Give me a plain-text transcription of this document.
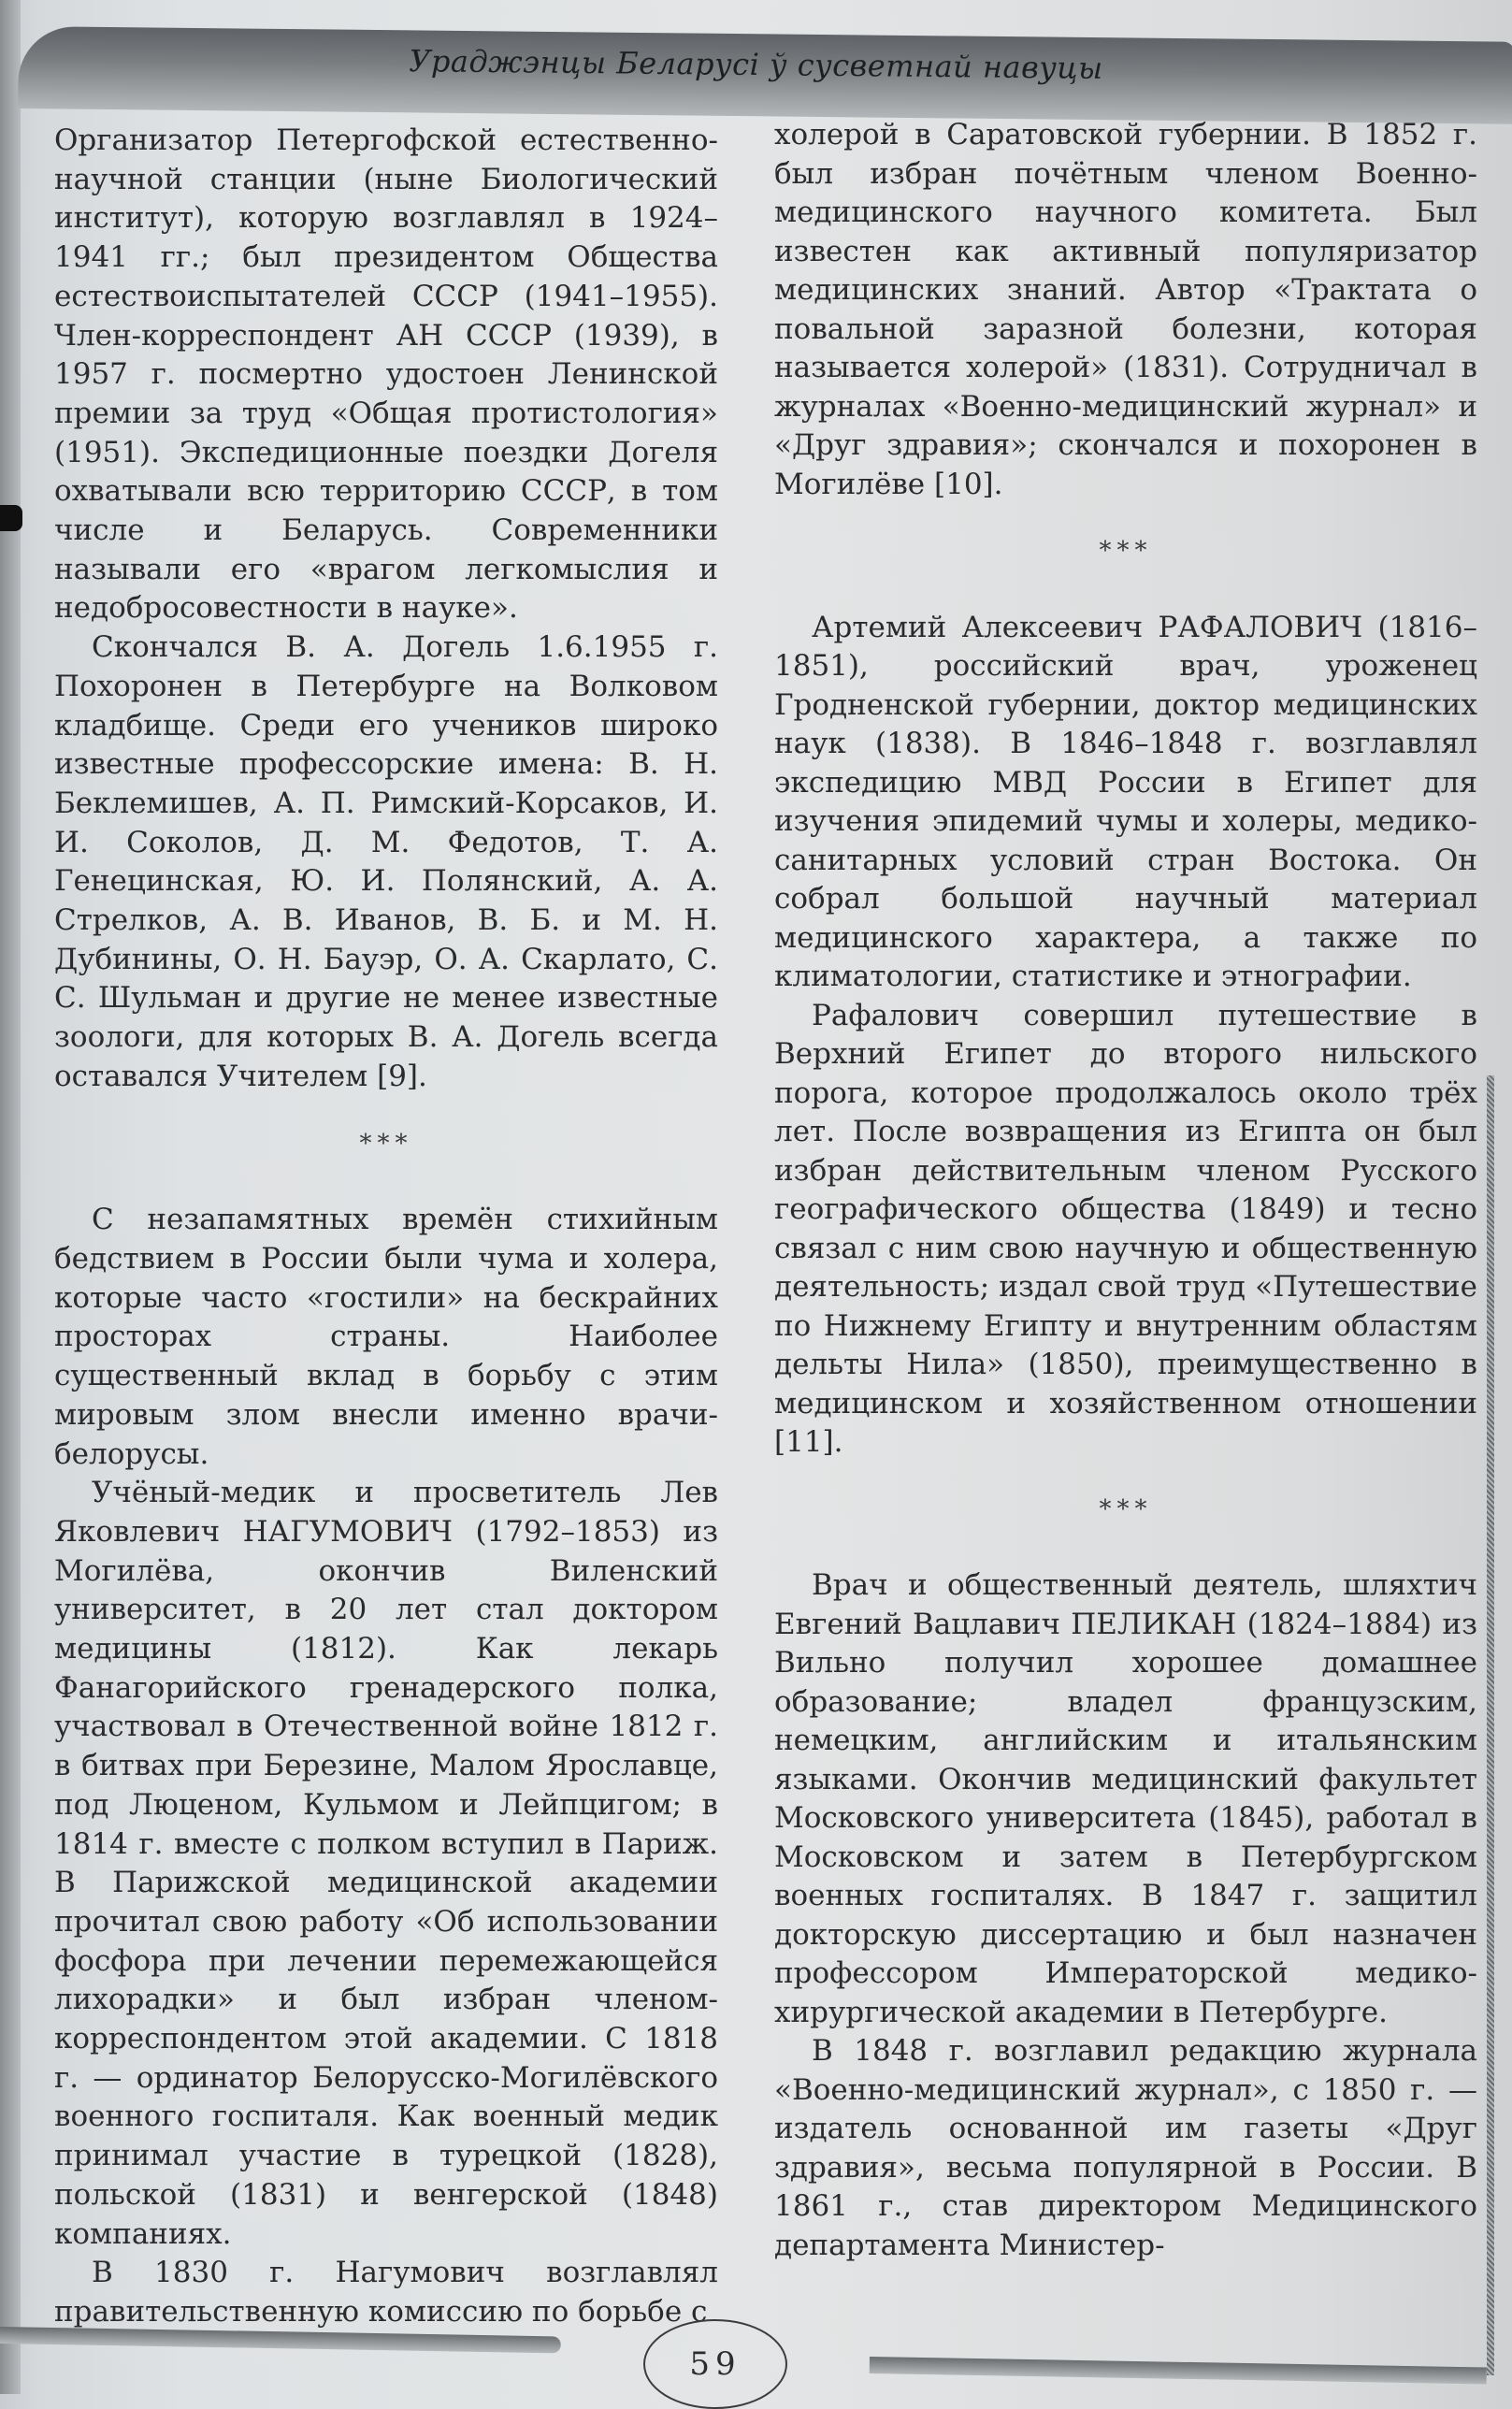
Ураджэнцы Беларусі ў сусветнай навуцы

Организатор Петергофской естественно-научной станции (ныне Биологический институт), которую возглавлял в 1924–1941 гг.; был президентом Общества естествоиспытателей СССР (1941–1955). Член-корреспондент АН СССР (1939), в 1957 г. посмертно удостоен Ленинской премии за труд «Общая протистология» (1951). Экспедиционные поездки Догеля охватывали всю территорию СССР, в том числе и Беларусь. Современники называли его «врагом легкомыслия и недобросовестности в науке».

Скончался В. А. Догель 1.6.1955 г. Похоронен в Петербурге на Волковом кладбище. Среди его учеников широко известные профессорские имена: В. Н. Беклемишев, А. П. Римский-Корсаков, И. И. Соколов, Д. М. Федотов, Т. А. Генецинская, Ю. И. Полянский, А. А. Стрелков, А. В. Иванов, В. Б. и М. Н. Дубинины, О. Н. Бауэр, О. А. Скарлато, С. С. Шульман и другие не менее известные зоологи, для которых В. А. Догель всегда оставался Учителем [9].

***

С незапамятных времён стихийным бедствием в России были чума и холера, которые часто «гостили» на бескрайних просторах страны. Наиболее существенный вклад в борьбу с этим мировым злом внесли именно врачи-белорусы.

Учёный-медик и просветитель Лев Яковлевич НАГУМОВИЧ (1792–1853) из Могилёва, окончив Виленский университет, в 20 лет стал доктором медицины (1812). Как лекарь Фанагорийского гренадерского полка, участвовал в Отечественной войне 1812 г. в битвах при Березине, Малом Ярославце, под Люценом, Кульмом и Лейпцигом; в 1814 г. вместе с полком вступил в Париж. В Парижской медицинской академии прочитал свою работу «Об использовании фосфора при лечении перемежающейся лихорадки» и был избран членом-корреспондентом этой академии. С 1818 г. — ординатор Белорусско-Могилёвского военного госпиталя. Как военный медик принимал участие в турецкой (1828), польской (1831) и венгерской (1848) компаниях.

В 1830 г. Нагумович возглавлял правительственную комиссию по борьбе с

холерой в Саратовской губернии. В 1852 г. был избран почётным членом Военно-медицинского научного комитета. Был известен как активный популяризатор медицинских знаний. Автор «Трактата о повальной заразной болезни, которая называется холерой» (1831). Сотрудничал в журналах «Военно-медицинский журнал» и «Друг здравия»; скончался и похоронен в Могилёве [10].

***

Артемий Алексеевич РАФАЛОВИЧ (1816–1851), российский врач, уроженец Гродненской губернии, доктор медицинских наук (1838). В 1846–1848 г. возглавлял экспедицию МВД России в Египет для изучения эпидемий чумы и холеры, медико-санитарных условий стран Востока. Он собрал большой научный материал медицинского характера, а также по климатологии, статистике и этнографии.

Рафалович совершил путешествие в Верхний Египет до второго нильского порога, которое продолжалось около трёх лет. После возвращения из Египта он был избран действительным членом Русского географического общества (1849) и тесно связал с ним свою научную и общественную деятельность; издал свой труд «Путешествие по Нижнему Египту и внутренним областям дельты Нила» (1850), преимущественно в медицинском и хозяйственном отношении [11].

***

Врач и общественный деятель, шляхтич Евгений Вацлавич ПЕЛИКАН (1824–1884) из Вильно получил хорошее домашнее образование; владел французским, немецким, английским и итальянским языками. Окончив медицинский факультет Московского университета (1845), работал в Московском и затем в Петербургском военных госпиталях. В 1847 г. защитил докторскую диссертацию и был назначен профессором Императорской медико-хирургической академии в Петербурге.

В 1848 г. возглавил редакцию журнала «Военно-медицинский журнал», с 1850 г. — издатель основанной им газеты «Друг здравия», весьма популярной в России. В 1861 г., став директором Медицинского департамента Министер-

59
